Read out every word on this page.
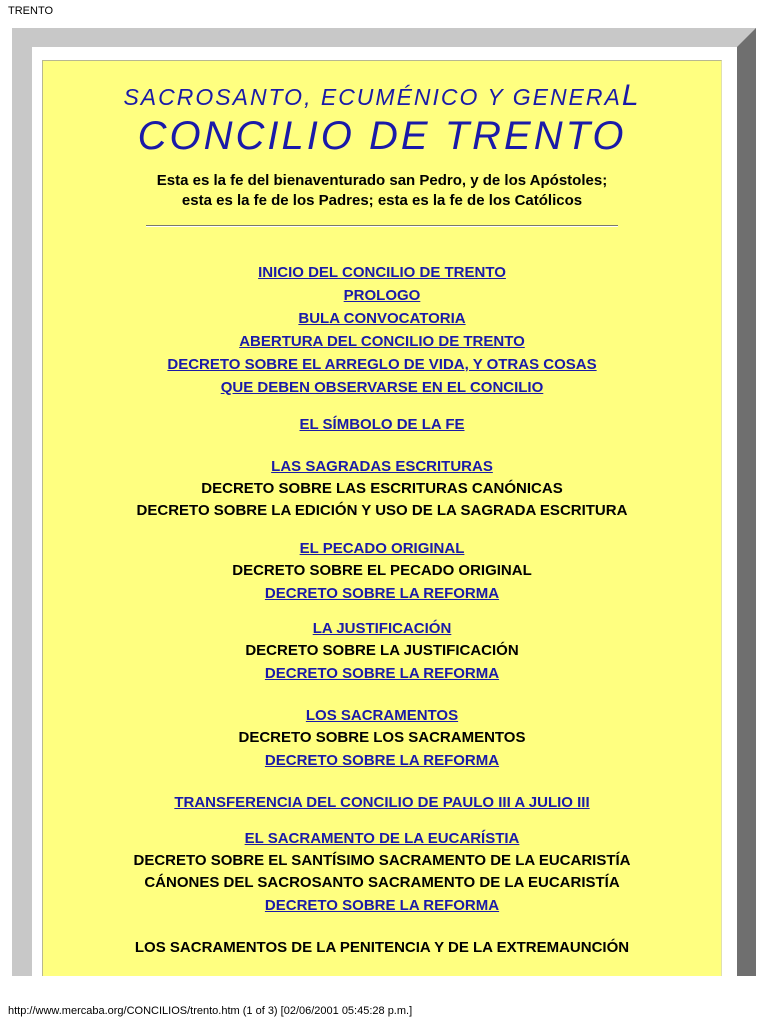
TRENTO
SACROSANTO, ECUMÉNICO Y GENERAL
CONCILIO DE TRENTO
Esta es la fe del bienaventurado san Pedro, y de los Apóstoles;
esta es la fe de los Padres; esta es la fe de los Católicos
INICIO DEL CONCILIO DE TRENTO
PROLOGO
BULA CONVOCATORIA
ABERTURA DEL CONCILIO DE TRENTO
DECRETO SOBRE EL ARREGLO DE VIDA, Y OTRAS COSAS
QUE DEBEN OBSERVARSE EN EL CONCILIO
EL SÍMBOLO DE LA FE
LAS SAGRADAS ESCRITURAS
DECRETO SOBRE LAS ESCRITURAS CANÓNICAS
DECRETO SOBRE LA EDICIÓN Y USO DE LA SAGRADA ESCRITURA
EL PECADO ORIGINAL
DECRETO SOBRE EL PECADO ORIGINAL
DECRETO SOBRE LA REFORMA
LA JUSTIFICACIÓN
DECRETO SOBRE LA JUSTIFICACIÓN
DECRETO SOBRE LA REFORMA
LOS SACRAMENTOS
DECRETO SOBRE LOS SACRAMENTOS
DECRETO SOBRE LA REFORMA
TRANSFERENCIA DEL CONCILIO DE PAULO III A JULIO III
EL SACRAMENTO DE LA EUCARÍSTIA
DECRETO SOBRE EL SANTÍSIMO SACRAMENTO DE LA EUCARISTÍA
CÁNONES DEL SACROSANTO SACRAMENTO DE LA EUCARISTÍA
DECRETO SOBRE LA REFORMA
LOS SACRAMENTOS DE LA PENITENCIA Y DE LA EXTREMAUNCIÓN
http://www.mercaba.org/CONCILIOS/trento.htm (1 of 3) [02/06/2001 05:45:28 p.m.]
